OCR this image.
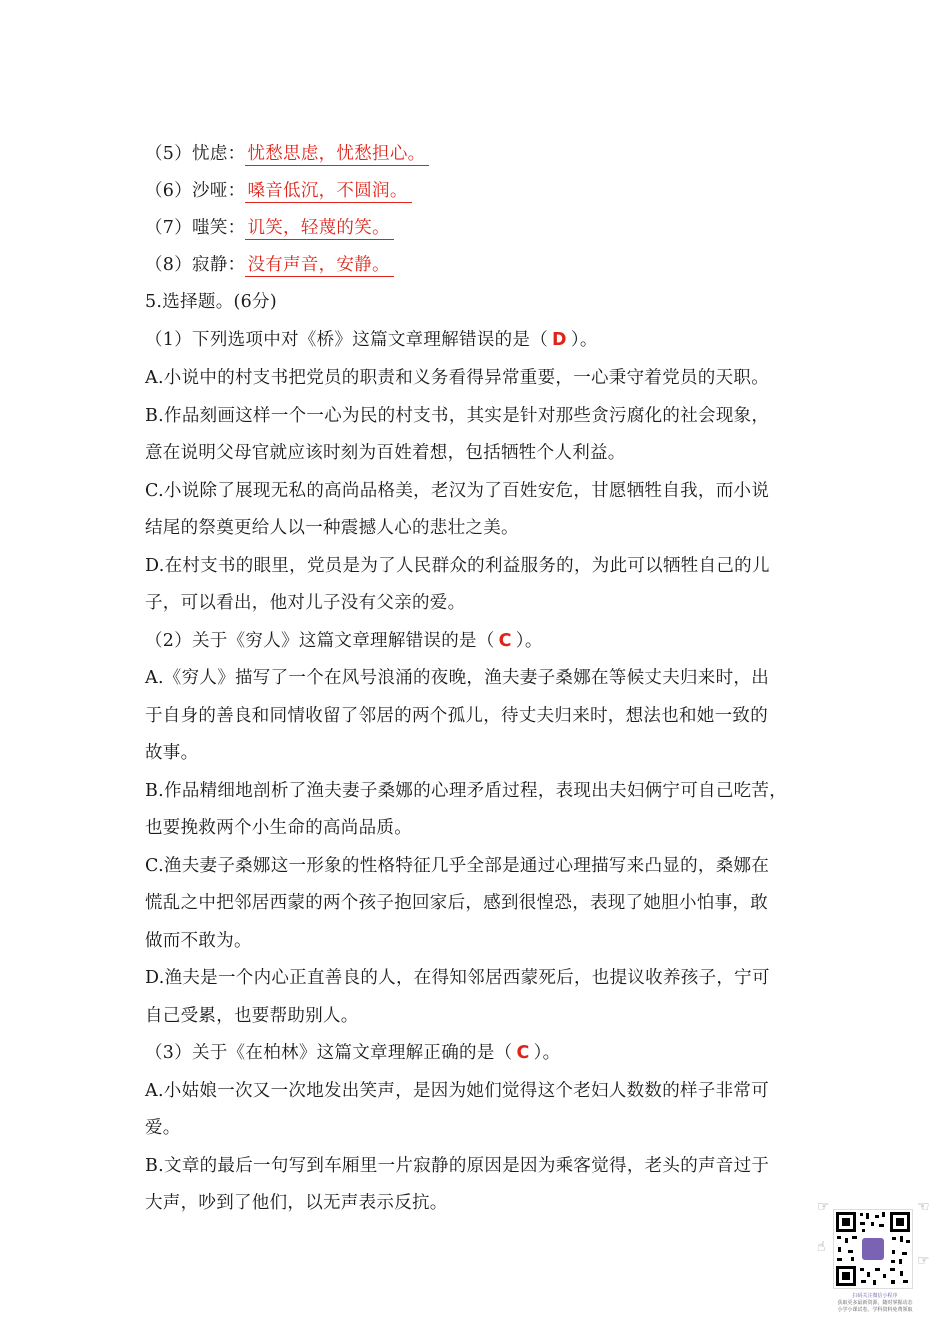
（5）忧虑： 忧愁思虑，忧愁担心。
（6）沙哑： 嗓音低沉，不圆润。
（7）嗤笑： 讥笑，轻蔑的笑。
（8）寂静： 没有声音，安静。
5.选择题。(6分)
（1）下列选项中对《桥》这篇文章理解错误的是（ D ）。
A.小说中的村支书把党员的职责和义务看得异常重要，一心秉守着党员的天职。
B.作品刻画这样一个一心为民的村支书，其实是针对那些贪污腐化的社会现象，
意在说明父母官就应该时刻为百姓着想，包括牺牲个人利益。
C.小说除了展现无私的高尚品格美，老汉为了百姓安危，甘愿牺牲自我，而小说
结尾的祭奠更给人以一种震撼人心的悲壮之美。
D.在村支书的眼里，党员是为了人民群众的利益服务的，为此可以牺牲自己的儿
子，可以看出，他对儿子没有父亲的爱。
（2）关于《穷人》这篇文章理解错误的是（ C ）。
A.《穷人》描写了一个在风号浪涌的夜晚，渔夫妻子桑娜在等候丈夫归来时，出
于自身的善良和同情收留了邻居的两个孤儿，待丈夫归来时，想法也和她一致的
故事。
B.作品精细地剖析了渔夫妻子桑娜的心理矛盾过程，表现出夫妇俩宁可自己吃苦，
也要挽救两个小生命的高尚品质。
C.渔夫妻子桑娜这一形象的性格特征几乎全部是通过心理描写来凸显的，桑娜在
慌乱之中把邻居西蒙的两个孩子抱回家后，感到很惶恐，表现了她胆小怕事，敢
做而不敢为。
D.渔夫是一个内心正直善良的人，在得知邻居西蒙死后，也提议收养孩子，宁可
自己受累，也要帮助别人。
（3）关于《在柏林》这篇文章理解正确的是（ C ）。
A.小姑娘一次又一次地发出笑声，是因为她们觉得这个老妇人数数的样子非常可
爱。
B.文章的最后一句写到车厢里一片寂静的原因是因为乘客觉得，老头的声音过于
大声，吵到了他们，以无声表示反抗。	☞	☜
☝
☞
扫码关注微信小程序
获取更多最新资源，随时掌握动态
小学小课试卷、学科资料免费领取
